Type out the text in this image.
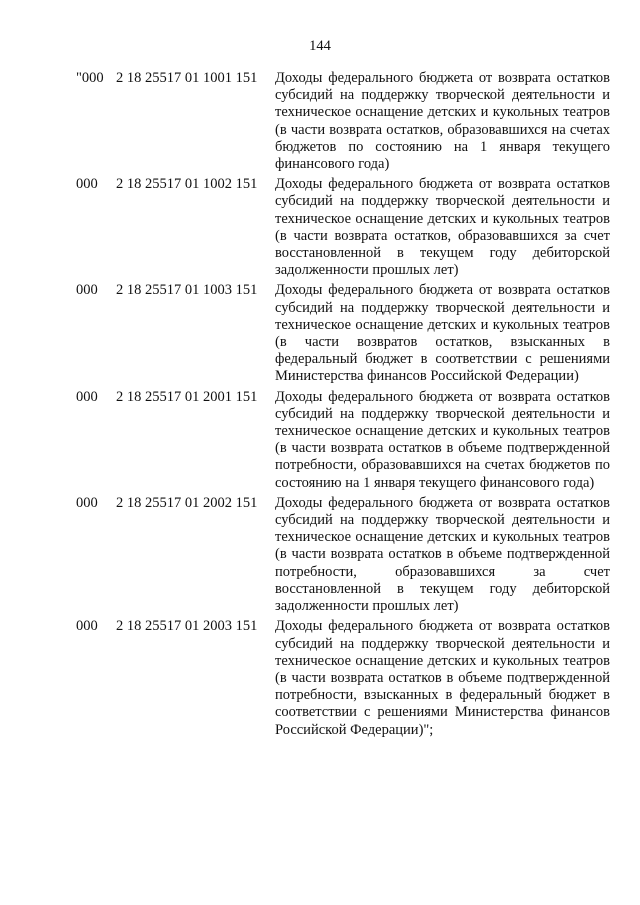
144
"000 2 18 25517 01 1001 151 Доходы федерального бюджета от возврата остатков субсидий на поддержку творческой деятельности и техническое оснащение детских и кукольных театров (в части возврата остатков, образовавшихся на счетах бюджетов по состоянию на 1 января текущего финансового года)
000 2 18 25517 01 1002 151 Доходы федерального бюджета от возврата остатков субсидий на поддержку творческой деятельности и техническое оснащение детских и кукольных театров (в части возврата остатков, образовавшихся за счет восстановленной в текущем году дебиторской задолженности прошлых лет)
000 2 18 25517 01 1003 151 Доходы федерального бюджета от возврата остатков субсидий на поддержку творческой деятельности и техническое оснащение детских и кукольных театров (в части возвратов остатков, взысканных в федеральный бюджет в соответствии с решениями Министерства финансов Российской Федерации)
000 2 18 25517 01 2001 151 Доходы федерального бюджета от возврата остатков субсидий на поддержку творческой деятельности и техническое оснащение детских и кукольных театров (в части возврата остатков в объеме подтвержденной потребности, образовавшихся на счетах бюджетов по состоянию на 1 января текущего финансового года)
000 2 18 25517 01 2002 151 Доходы федерального бюджета от возврата остатков субсидий на поддержку творческой деятельности и техническое оснащение детских и кукольных театров (в части возврата остатков в объеме подтвержденной потребности, образовавшихся за счет восстановленной в текущем году дебиторской задолженности прошлых лет)
000 2 18 25517 01 2003 151 Доходы федерального бюджета от возврата остатков субсидий на поддержку творческой деятельности и техническое оснащение детских и кукольных театров (в части возврата остатков в объеме подтвержденной потребности, взысканных в федеральный бюджет в соответствии с решениями Министерства финансов Российской Федерации)";
